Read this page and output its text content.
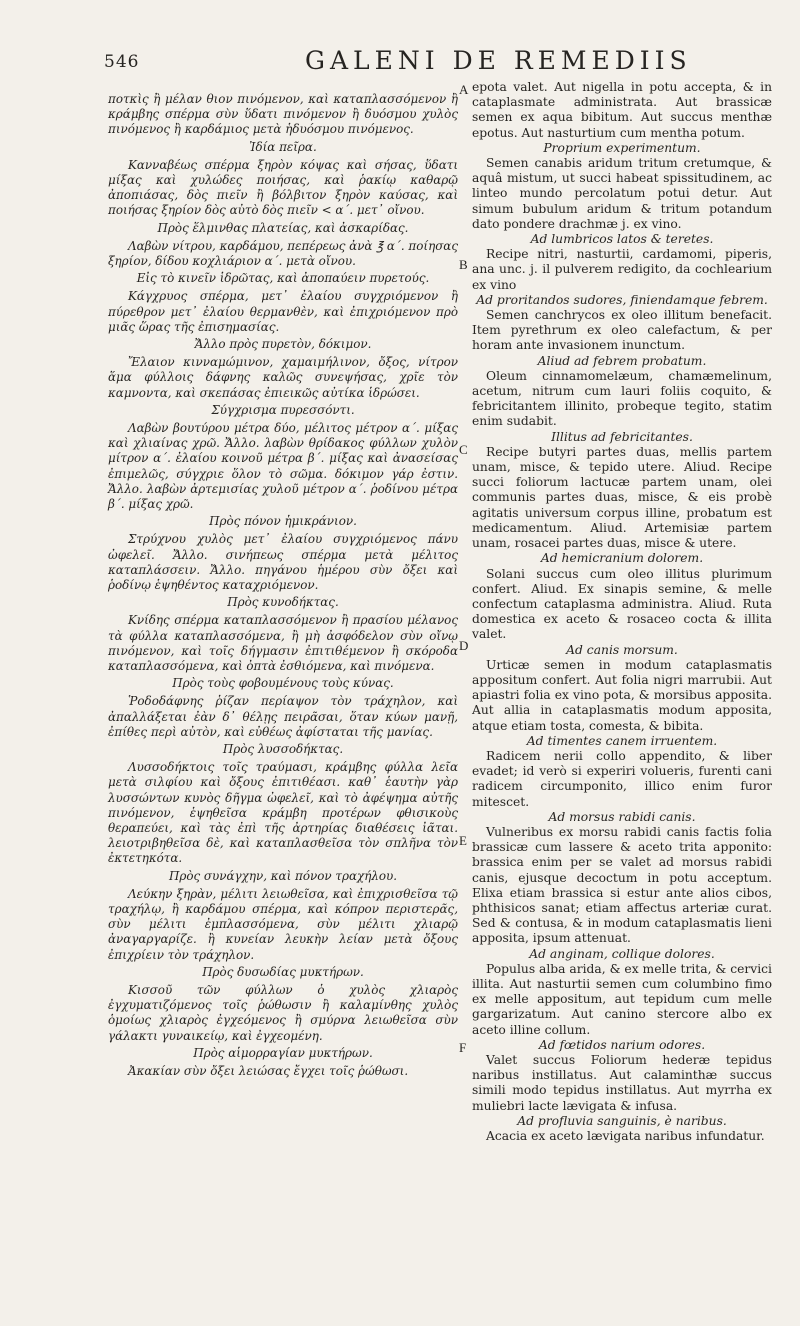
546	GALENI DE REMEDIIS
A
B
C
D
E
F

ποτκὶς ἢ μέλαν θιον πινόμενον, καὶ καταπλασσόμενον ἢ κράμβης σπέρμα σὺν ὕδατι πινόμενον ἢ δυόσμου χυλὸς πινόμενος ἢ καρδάμιος μετὰ ἡδυόσμου πινόμενος.

Ἰδία πεῖρα.

Κανναβέως σπέρμα ξηρὸν κόψας καὶ σήσας, ὕδατι μίξας καὶ χυλώδες ποιήσας, καὶ ῥακίῳ καθαρῷ ἀποπιάσας, δὸς πιεῖν ἢ βόλβιτον ξηρὸν καύσας, καὶ ποιήσας ξηρίον δὸς αὐτὸ δὸς πιεῖν < α΄. μετ᾽ οἴνου.

Πρὸς ἕλμινθας πλατείας, καὶ ἀσκαρίδας.

Λαβὼν νίτρου, καρδάμου, πεπέρεως ἀνὰ ℥ α΄. ποίησας ξηρίον, δίδου κοχλιάριον α΄. μετὰ οἴνου.

Εἰς τὸ κινεῖν ἱδρῶτας, καὶ ἀποπαύειν πυρετούς.

Κάγχρυος σπέρμα, μετ᾽ ἐλαίου συγχριόμενον ἢ πύρεθρον μετ᾽ ἐλαίου θερμανθὲν, καὶ ἐπιχριόμενον πρὸ μιᾶς ὥρας τῆς ἐπισημασίας.

Ἄλλο πρὸς πυρετὸν, δόκιμον.

Ἔλαιον κινναμώμινον, χαμαιμήλινον, ὄξος, νίτρον ἅμα φύλλοις δάφνης καλῶς συνεψήσας, χρῖε τὸν καμνοντα, καὶ σκεπάσας ἐπιεικῶς αὐτίκα ἱδρώσει.

Σύγχρισμα πυρεσσόντι.

Λαβὼν βουτύρου μέτρα δύο, μέλιτος μέτρον α΄. μίξας καὶ χλιαίνας χρῶ. Ἄλλο. λαβὼν θρίδακος φύλλων χυλὸν μίτρον α΄. ἐλαίου κοινοῦ μέτρα β΄. μίξας καὶ ἀνασείσας ἐπιμελῶς, σύγχριε ὅλον τὸ σῶμα. δόκιμον γάρ ἐστιν. Ἄλλο. λαβὼν ἀρτεμισίας χυλοῦ μέτρον α΄. ῥοδίνου μέτρα β΄. μίξας χρῶ.

Πρὸς πόνον ἡμικράνιον.

Στρύχνου χυλὸς μετ᾽ ἐλαίου συγχριόμενος πάνυ ὠφελεῖ. Ἄλλο. σινήπεως σπέρμα μετὰ μέλιτος καταπλάσσειν. Ἄλλο. πηγάνου ἡμέρου σὺν ὄξει καὶ ῥοδίνῳ ἑψηθέντος καταχριόμενον.

Πρὸς κυνοδήκτας.

Κνίδης σπέρμα καταπλασσόμενον ἢ πρασίου μέλανος τὰ φύλλα καταπλασσόμενα, ἢ μὴ ἀσφόδελον σὺν οἴνῳ πινόμενον, καὶ τοῖς δήγμασιν ἐπιτιθέμενον ἢ σκόροδα καταπλασσόμενα, καὶ ὀπτὰ ἐσθιόμενα, καὶ πινόμενα.

Πρὸς τοὺς φοβουμένους τοὺς κύνας.

Ῥοδοδάφνης ῥίζαν περίαψον τὸν τράχηλον, καὶ ἀπαλλάξεται ἐὰν δ᾽ θέλῃς πειρᾶσαι, ὅταν κύων μανῇ, ἐπίθες περὶ αὐτὸν, καὶ εὐθέως ἀφίσταται τῆς μανίας.

Πρὸς λυσσοδήκτας.

Λυσσοδήκτοις τοῖς τραύμασι, κράμβης φύλλα λεῖα μετὰ σιλφίου καὶ ὄξους ἐπιτιθέασι. καθ᾽ ἑαυτὴν γὰρ λυσσώντων κυνὸς δῆγμα ὠφελεῖ, καὶ τὸ ἀφέψημα αὐτῆς πινόμενον, ἑψηθεῖσα κράμβη προτέρων φθισικοὺς θεραπεύει, καὶ τὰς ἐπὶ τῆς ἀρτηρίας διαθέσεις ἰᾶται. λειοτριβηθεῖσα δὲ, καὶ καταπλασθεῖσα τὸν σπλῆνα τὸν ἐκτετηκότα.

Πρὸς συνάγχην, καὶ πόνον τραχήλου.

Λεύκην ξηρὰν, μέλιτι λειωθεῖσα, καὶ ἐπιχρισθεῖσα τῷ τραχήλῳ, ἢ καρδάμου σπέρμα, καὶ κόπρον περιστερᾶς, σὺν μέλιτι ἐμπλασσόμενα, σὺν μέλιτι χλιαρῷ ἀναγαργαρίζε. ἢ κυνείαν λευκὴν λείαν μετὰ ὄξους ἐπιχρίειν τὸν τράχηλον.

Πρὸς δυσωδίας μυκτήρων.

Κισσοῦ τῶν φύλλων ὁ χυλὸς χλιαρὸς ἐγχυματιζόμενος τοῖς ῥώθωσιν ἢ καλαμίνθης χυλὸς ὁμοίως χλιαρὸς ἐγχεόμενος ἢ σμύρνα λειωθεῖσα σὺν γάλακτι γυναικείῳ, καὶ ἐγχεομένη.

Πρὸς αἱμορραγίαν μυκτήρων.

Ἀκακίαν σὺν ὄξει λειώσας ἔγχει τοῖς ῥώθωσι.

epota valet. Aut nigella in potu accepta, & in cataplasmate administrata. Aut brassicæ semen ex aqua bibitum. Aut succus menthæ epotus. Aut nasturtium cum mentha potum.

Proprium experimentum.

Semen canabis aridum tritum cretumque, & aquâ mistum, ut succi habeat spissitudinem, ac linteo mundo percolatum potui detur. Aut simum bubulum aridum & tritum potandum dato pondere drachmæ j. ex vino.

Ad lumbricos latos & teretes.

Recipe nitri, nasturtii, cardamomi, piperis, ana unc. j. il pulverem redigito, da cochlearium ex vino

Ad proritandos sudores, finiendamque febrem.

Semen canchrycos ex oleo illitum benefacit. Item pyrethrum ex oleo calefactum, & per horam ante invasionem inunctum.

Aliud ad febrem probatum.

Oleum cinnamomelæum, chamæmelinum, acetum, nitrum cum lauri foliis coquito, & febricitantem illinito, probeque tegito, statim enim sudabit.

Illitus ad febricitantes.

Recipe butyri partes duas, mellis partem unam, misce, & tepido utere. Aliud. Recipe succi foliorum lactucæ partem unam, olei communis partes duas, misce, & eis probè agitatis universum corpus illine, probatum est medicamentum. Aliud. Artemisiæ partem unam, rosacei partes duas, misce & utere.

Ad hemicranium dolorem.

Solani succus cum oleo illitus plurimum confert. Aliud. Ex sinapis semine, & melle confectum cataplasma administra. Aliud. Ruta domestica ex aceto & rosaceo cocta & illita valet.

Ad canis morsum.

Urticæ semen in modum cataplasmatis appositum confert. Aut folia nigri marrubii. Aut apiastri folia ex vino pota, & morsibus apposita. Aut allia in cataplasmatis modum apposita, atque etiam tosta, comesta, & bibita.

Ad timentes canem irruentem.

Radicem nerii collo appendito, & liber evadet; id verò si experiri volueris, furenti cani radicem circumponito, illico enim furor mitescet.

Ad morsus rabidi canis.

Vulneribus ex morsu rabidi canis factis folia brassicæ cum lassere & aceto trita apponito: brassica enim per se valet ad morsus rabidi canis, ejusque decoctum in potu acceptum. Elixa etiam brassica si estur ante alios cibos, phthisicos sanat; etiam affectus arteriæ curat. Sed & contusa, & in modum cataplasmatis lieni apposita, ipsum attenuat.

Ad anginam, collique dolores.

Populus alba arida, & ex melle trita, & cervici illita. Aut nasturtii semen cum columbino fimo ex melle appositum, aut tepidum cum melle gargarizatum. Aut canino stercore albo ex aceto illine collum.

Ad fœtidos narium odores.

Valet succus Foliorum hederæ tepidus naribus instillatus. Aut calaminthæ succus simili modo tepidus instillatus. Aut myrrha ex muliebri lacte lævigata & infusa.

Ad profluvia sanguinis, è naribus.

Acacia ex aceto lævigata naribus infundatur.
